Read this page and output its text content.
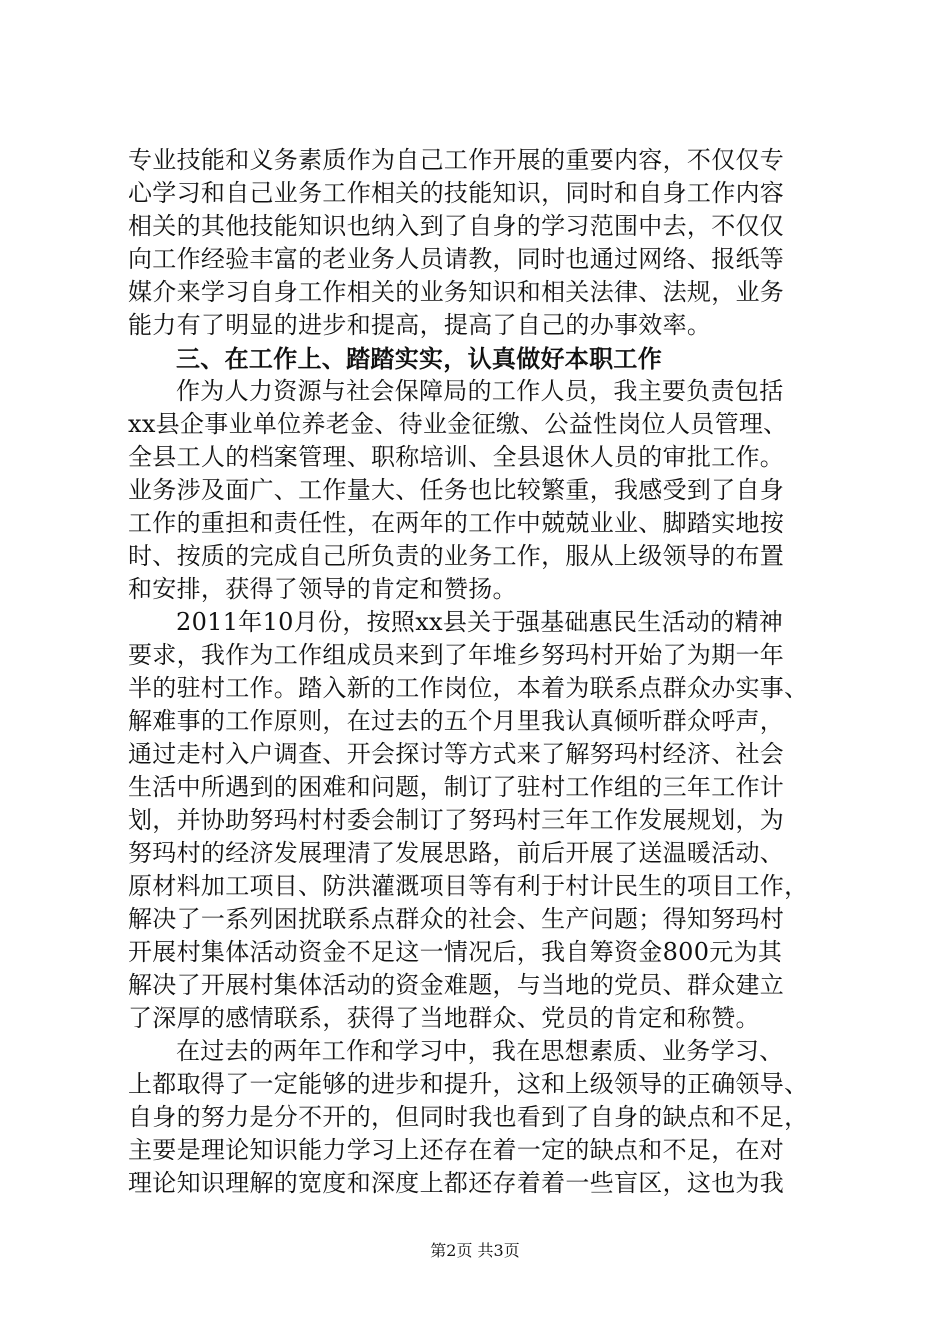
专业技能和义务素质作为自己工作开展的重要内容，不仅仅专
心学习和自己业务工作相关的技能知识，同时和自身工作内容
相关的其他技能知识也纳入到了自身的学习范围中去，不仅仅
向工作经验丰富的老业务人员请教，同时也通过网络、报纸等
媒介来学习自身工作相关的业务知识和相关法律、法规，业务
能力有了明显的进步和提高，提高了自己的办事效率。
三、在工作上、踏踏实实，认真做好本职工作
作为人力资源与社会保障局的工作人员，我主要负责包括
xx县企事业单位养老金、待业金征缴、公益性岗位人员管理、
全县工人的档案管理、职称培训、全县退休人员的审批工作。
业务涉及面广、工作量大、任务也比较繁重，我感受到了自身
工作的重担和责任性，在两年的工作中兢兢业业、脚踏实地按
时、按质的完成自己所负责的业务工作，服从上级领导的布置
和安排，获得了领导的肯定和赞扬。
2011年10月份，按照xx县关于强基础惠民生活动的精神
要求，我作为工作组成员来到了年堆乡努玛村开始了为期一年
半的驻村工作。踏入新的工作岗位，本着为联系点群众办实事、
解难事的工作原则，在过去的五个月里我认真倾听群众呼声，
通过走村入户调查、开会探讨等方式来了解努玛村经济、社会
生活中所遇到的困难和问题，制订了驻村工作组的三年工作计
划，并协助努玛村村委会制订了努玛村三年工作发展规划，为
努玛村的经济发展理清了发展思路，前后开展了送温暖活动、
原材料加工项目、防洪灌溉项目等有利于村计民生的项目工作，
解决了一系列困扰联系点群众的社会、生产问题；得知努玛村
开展村集体活动资金不足这一情况后，我自筹资金800元为其
解决了开展村集体活动的资金难题，与当地的党员、群众建立
了深厚的感情联系，获得了当地群众、党员的肯定和称赞。
在过去的两年工作和学习中，我在思想素质、业务学习、
上都取得了一定能够的进步和提升，这和上级领导的正确领导、
自身的努力是分不开的，但同时我也看到了自身的缺点和不足，
主要是理论知识能力学习上还存在着一定的缺点和不足，在对
理论知识理解的宽度和深度上都还存着着一些盲区，这也为我
第2页 共3页
